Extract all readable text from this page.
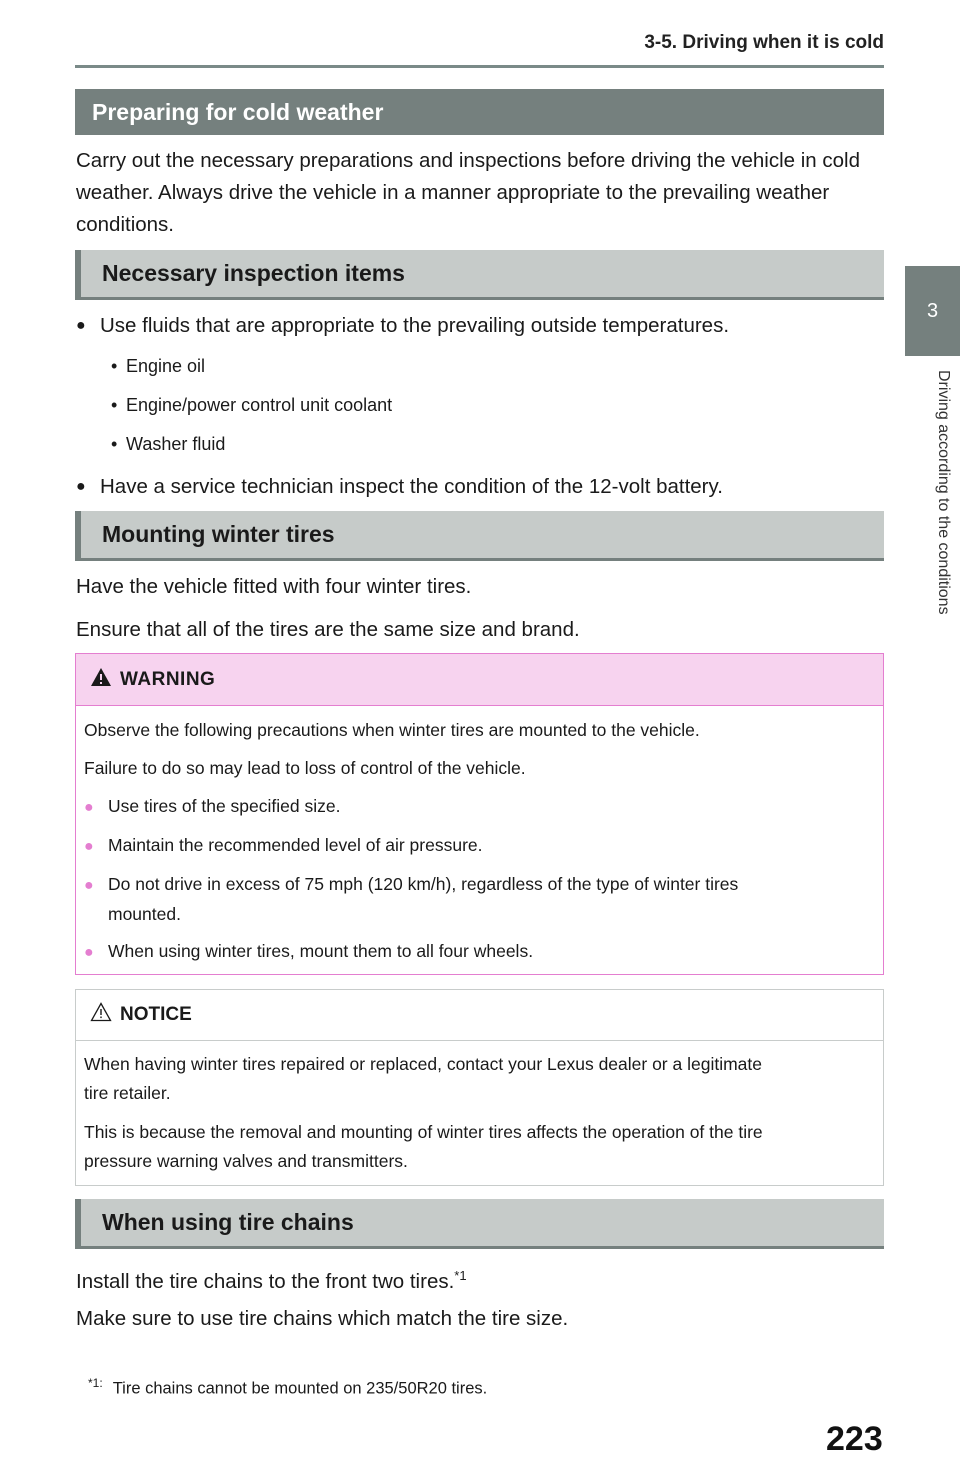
3-5. Driving when it is cold
3
Driving according to the conditions
Preparing for cold weather

Carry out the necessary preparations and inspections before driving the vehicle in cold weather. Always drive the vehicle in a manner appropriate to the prevailing weather conditions.

Necessary inspection items

● Use fluids that are appropriate to the prevailing outside temperatures.

• Engine oil

• Engine/power control unit coolant

• Washer fluid

● Have a service technician inspect the condition of the 12-volt battery.

Mounting winter tires

Have the vehicle fitted with four winter tires.

Ensure that all of the tires are the same size and brand.

WARNING

Observe the following precautions when winter tires are mounted to the vehicle.

Failure to do so may lead to loss of control of the vehicle.

● Use tires of the specified size.

● Maintain the recommended level of air pressure.

● Do not drive in excess of 75 mph (120 km/h), regardless of the type of winter tires
mounted.

● When using winter tires, mount them to all four wheels.

NOTICE

When having winter tires repaired or replaced, contact your Lexus dealer or a legitimate
tire retailer.

This is because the removal and mounting of winter tires affects the operation of the tire
pressure warning valves and transmitters.

When using tire chains

Install the tire chains to the front two tires.$^{*1}$

Make sure to use tire chains which match the tire size.

$^{*1:}$ Tire chains cannot be mounted on 235/50R20 tires.
223
